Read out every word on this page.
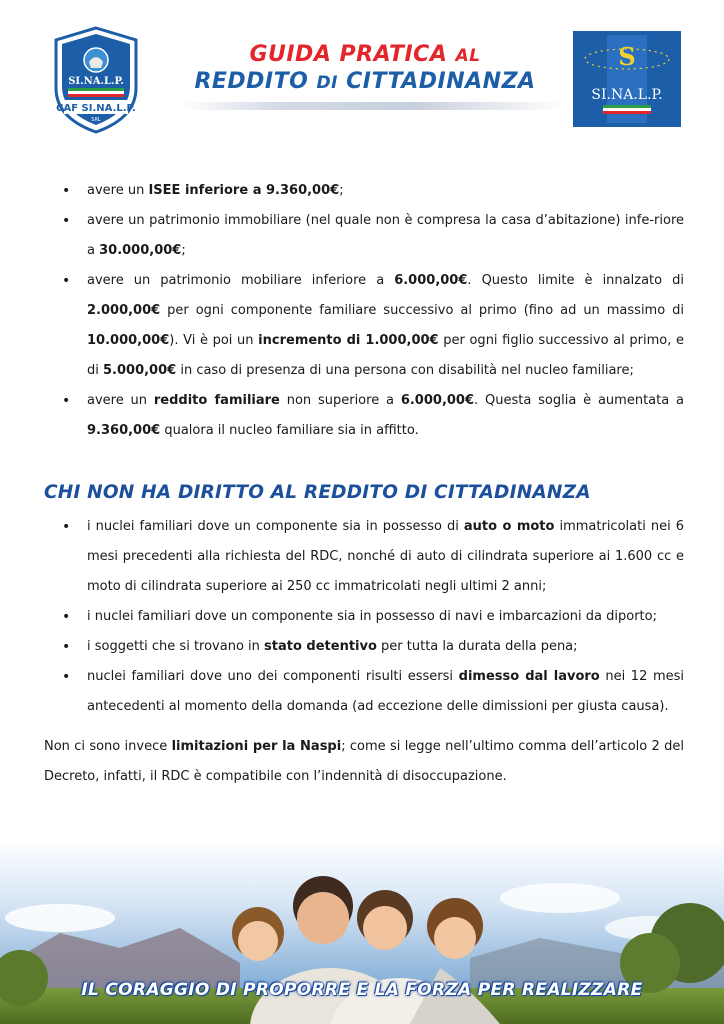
SI.NA.L.P.
CAF SI.NA.L.P.
SRL
GUIDA PRATICA AL
REDDITO DI CITTADINANZA
S
SI.NA.L.P.
• avere un ISEE inferiore a 9.360,00€;
• avere un patrimonio immobiliare (nel quale non è compresa la casa d’abitazione) infe-riore a 30.000,00€;
• avere un patrimonio mobiliare inferiore a 6.000,00€. Questo limite è innalzato di 2.000,00€ per ogni componente familiare successivo al primo (fino ad un massimo di 10.000,00€). Vi è poi un incremento di 1.000,00€ per ogni figlio successivo al primo, e di 5.000,00€ in caso di presenza di una persona con disabilità nel nucleo familiare;
• avere un reddito familiare non superiore a 6.000,00€. Questa soglia è aumentata a 9.360,00€ qualora il nucleo familiare sia in affitto.
CHI NON HA DIRITTO AL REDDITO DI CITTADINANZA
• i nuclei familiari dove un componente sia in possesso di auto o moto immatricolati nei 6 mesi precedenti alla richiesta del RDC, nonché di auto di cilindrata superiore ai 1.600 cc e moto di cilindrata superiore ai 250 cc immatricolati negli ultimi 2 anni;
• i nuclei familiari dove un componente sia in possesso di navi e imbarcazioni da diporto;
• i soggetti che si trovano in stato detentivo per tutta la durata della pena;
• nuclei familiari dove uno dei componenti risulti essersi dimesso dal lavoro nei 12 mesi antecedenti al momento della domanda (ad eccezione delle dimissioni per giusta causa).
Non ci sono invece limitazioni per la Naspi; come si legge nell’ultimo comma dell’articolo 2 del Decreto, infatti, il RDC è compatibile con l’indennità di disoccupazione.
IL CORAGGIO DI PROPORRE E LA FORZA PER REALIZZARE
